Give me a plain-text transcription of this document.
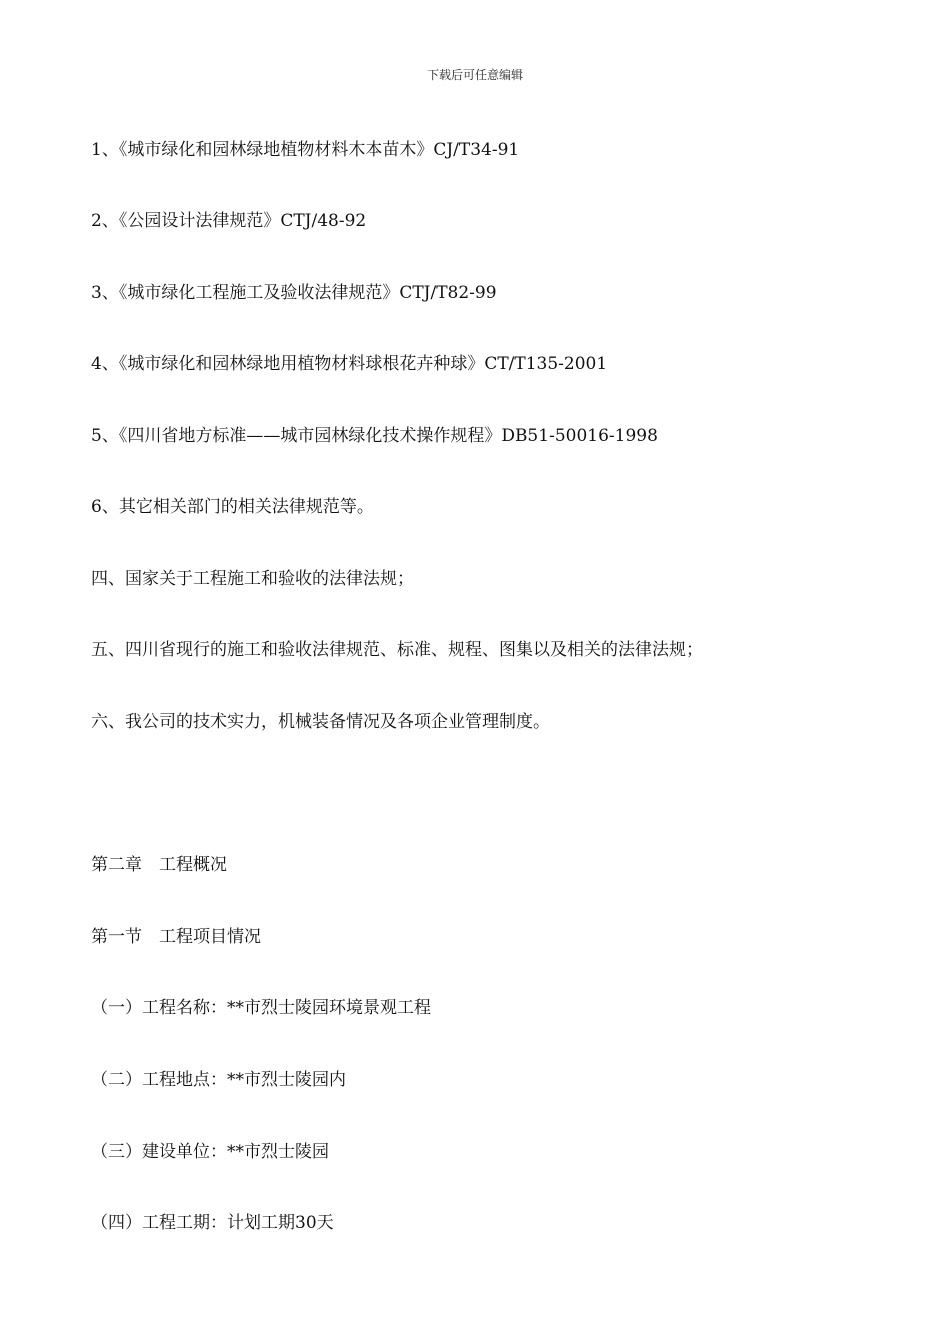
下载后可任意编辑
1、《城市绿化和园林绿地植物材料木本苗木》CJ/T34-91
2、《公园设计法律规范》CTJ/48-92
3、《城市绿化工程施工及验收法律规范》CTJ/T82-99
4、《城市绿化和园林绿地用植物材料球根花卉种球》CT/T135-2001
5、《四川省地方标准——城市园林绿化技术操作规程》DB51-50016-1998
6、其它相关部门的相关法律规范等。
四、国家关于工程施工和验收的法律法规；
五、四川省现行的施工和验收法律规范、标准、规程、图集以及相关的法律法规；
六、我公司的技术实力，机械装备情况及各项企业管理制度。
第二章　工程概况
第一节　工程项目情况
（一）工程名称：**市烈士陵园环境景观工程
（二）工程地点：**市烈士陵园内
（三）建设单位：**市烈士陵园
（四）工程工期：计划工期30天
